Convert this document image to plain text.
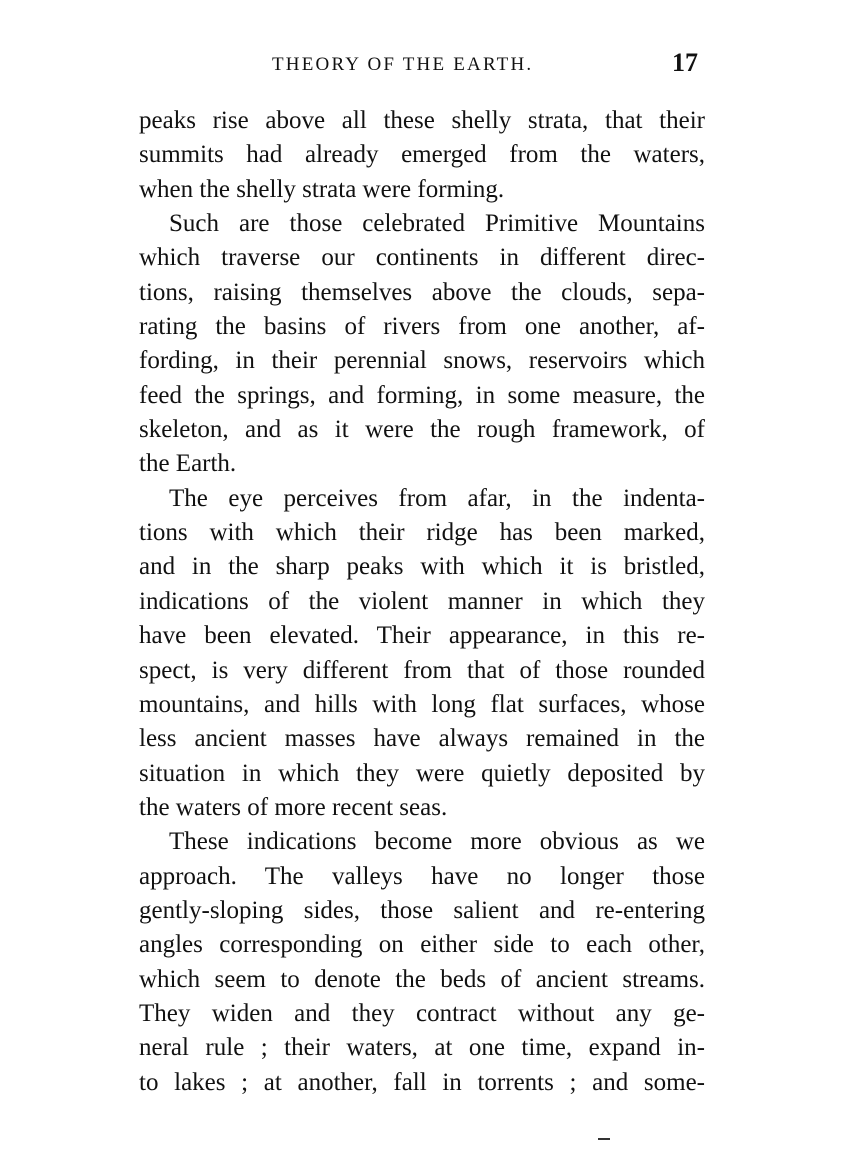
THEORY OF THE EARTH.	17
peaks rise above all these shelly strata, that their
summits had already emerged from the waters,
when the shelly strata were forming.
Such are those celebrated Primitive Mountains
which traverse our continents in different direc-
tions, raising themselves above the clouds, sepa-
rating the basins of rivers from one another, af-
fording, in their perennial snows, reservoirs which
feed the springs, and forming, in some measure, the
skeleton, and as it were the rough framework, of
the Earth.
The eye perceives from afar, in the indenta-
tions with which their ridge has been marked,
and in the sharp peaks with which it is bristled,
indications of the violent manner in which they
have been elevated. Their appearance, in this re-
spect, is very different from that of those rounded
mountains, and hills with long flat surfaces, whose
less ancient masses have always remained in the
situation in which they were quietly deposited by
the waters of more recent seas.
These indications become more obvious as we
approach. The valleys have no longer those
gently-sloping sides, those salient and re-entering
angles corresponding on either side to each other,
which seem to denote the beds of ancient streams.
They widen and they contract without any ge-
neral rule ; their waters, at one time, expand in-
to lakes ; at another, fall in torrents ; and some-
